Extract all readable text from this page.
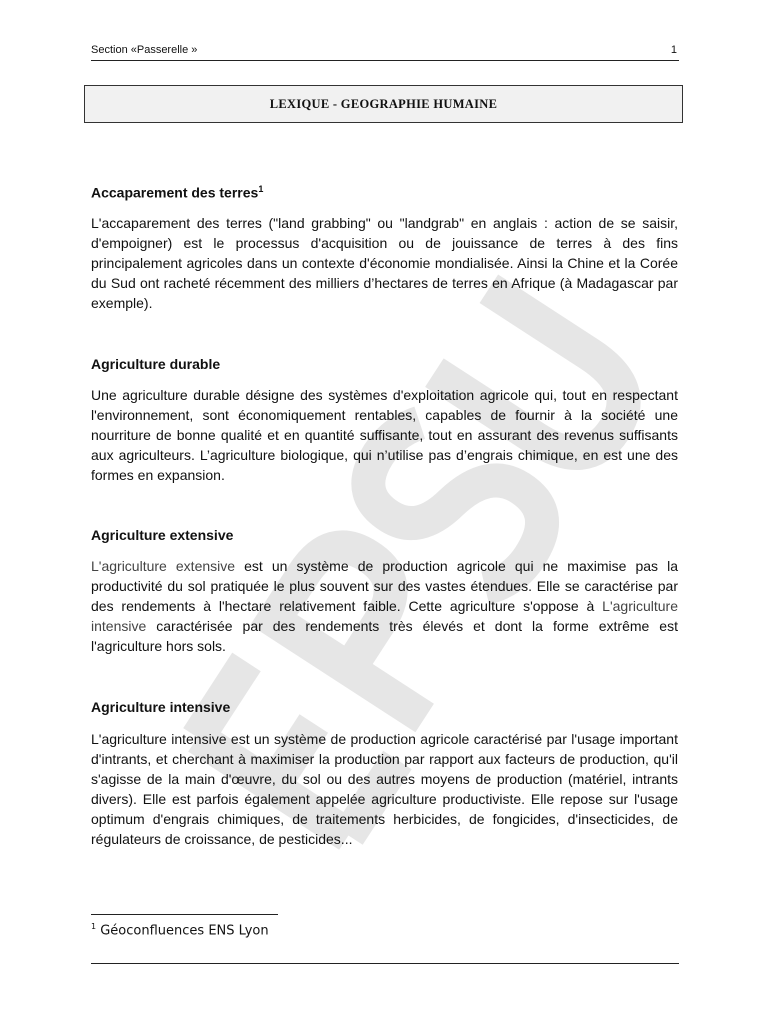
Section «Passerelle »	1
LEXIQUE - GEOGRAPHIE HUMAINE
Accaparement des terres$^1$
L'accaparement des terres ("land grabbing" ou "landgrab" en anglais : action de se saisir, d'empoigner) est le processus d'acquisition ou de jouissance de terres à des fins principalement agricoles dans un contexte d'économie mondialisée. Ainsi la Chine et la Corée du Sud ont racheté récemment des milliers d’hectares de terres en Afrique (à Madagascar par exemple).
Agriculture durable
Une agriculture durable désigne des systèmes d'exploitation agricole qui, tout en respectant l'environnement, sont économiquement rentables, capables de fournir à la société une nourriture de bonne qualité et en quantité suffisante, tout en assurant des revenus suffisants aux agriculteurs. L’agriculture biologique, qui n’utilise pas d’engrais chimique, en est une des formes en expansion.
Agriculture extensive
L'agriculture extensive est un système de production agricole qui ne maximise pas la productivité du sol pratiquée le plus souvent sur des vastes étendues. Elle se caractérise par des rendements à l'hectare relativement faible. Cette agriculture s'oppose à L'agriculture intensive caractérisée par des rendements très élevés et dont la forme extrême est l'agriculture hors sols.
Agriculture intensive
L'agriculture intensive est un système de production agricole caractérisé par l'usage important d'intrants, et cherchant à maximiser la production par rapport aux facteurs de production, qu'il s'agisse de la main d'œuvre, du sol ou des autres moyens de production (matériel, intrants divers). Elle est parfois également appelée agriculture productiviste. Elle repose sur l'usage optimum d'engrais chimiques, de traitements herbicides, de fongicides, d'insecticides, de régulateurs de croissance, de pesticides...
$^1$ Géoconfluences ENS Lyon
